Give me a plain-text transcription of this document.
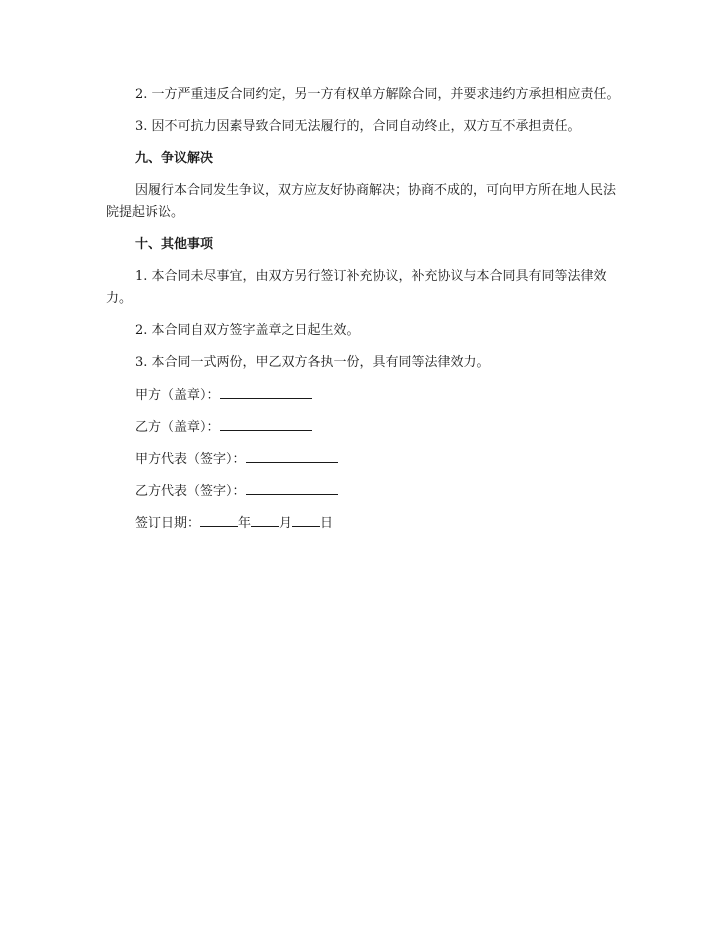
2. 一方严重违反合同约定，另一方有权单方解除合同，并要求违约方承担相应责任。

3. 因不可抗力因素导致合同无法履行的，合同自动终止，双方互不承担责任。

九、争议解决

因履行本合同发生争议，双方应友好协商解决；协商不成的，可向甲方所在地人民法院提起诉讼。

十、其他事项

1. 本合同未尽事宜，由双方另行签订补充协议，补充协议与本合同具有同等法律效力。

2. 本合同自双方签字盖章之日起生效。

3. 本合同一式两份，甲乙双方各执一份，具有同等法律效力。

甲方（盖章）：
乙方（盖章）：
甲方代表（签字）：
乙方代表（签字）：
签订日期：	年 月 日
